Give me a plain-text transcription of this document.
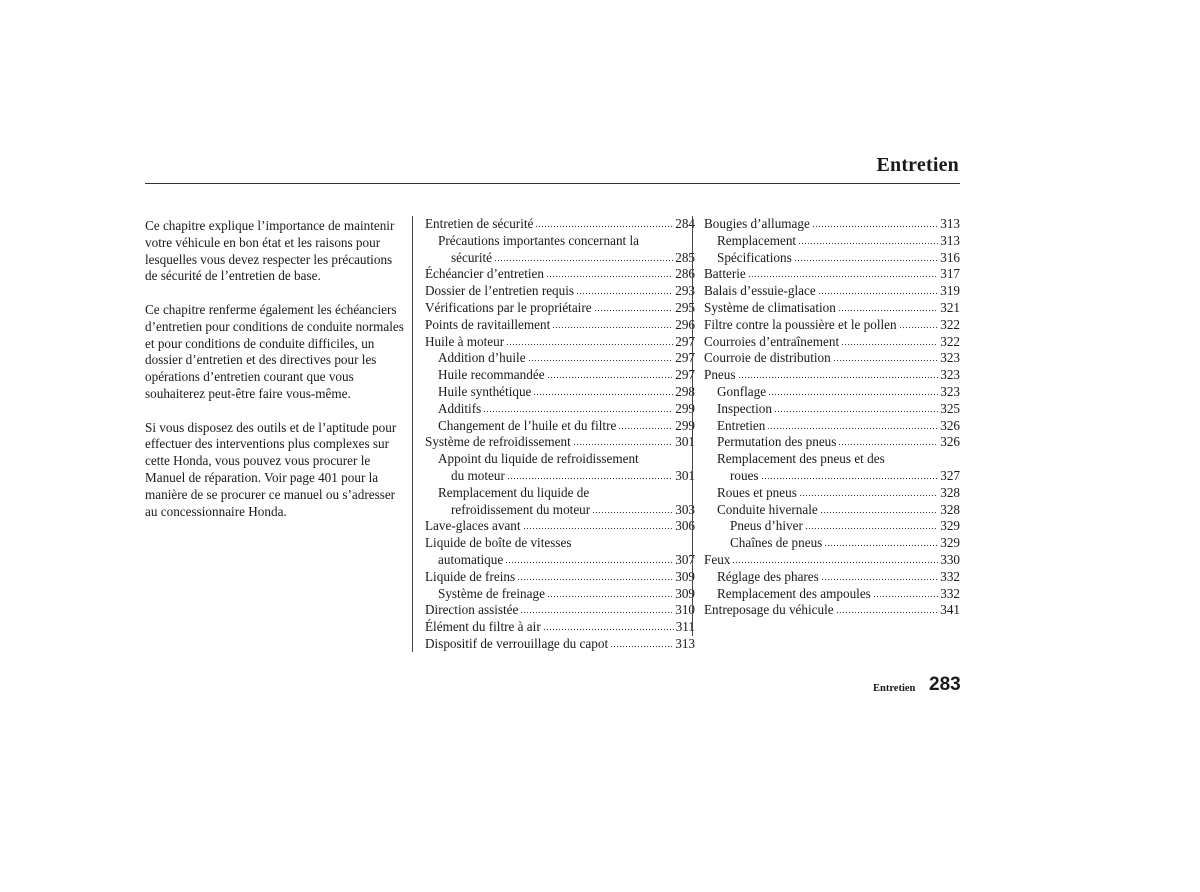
Entretien

Ce chapitre explique l’importance de maintenir votre véhicule en bon état et les raisons pour lesquelles vous devez respecter les précautions de sécurité de l’entretien de base.

Ce chapitre renferme également les échéanciers d’entretien pour conditions de conduite normales et pour conditions de conduite difficiles, un dossier d’entretien et des directives pour les opérations d’entretien courant que vous souhaiterez peut-être faire vous-même.

Si vous disposez des outils et de l’aptitude pour effectuer des interventions plus complexes sur cette Honda, vous pouvez vous procurer le Manuel de réparation. Voir page 401 pour la manière de se procurer ce manuel ou s’adresser au concessionnaire Honda.

Entretien de sécurité	284
Précautions importantes concernant la
sécurité	285
Échéancier d’entretien	286
Dossier de l’entretien requis	293
Vérifications par le propriétaire	295
Points de ravitaillement	296
Huile à moteur	297
Addition d’huile	297
Huile recommandée	297
Huile synthétique	298
Additifs	299
Changement de l’huile et du filtre	299
Système de refroidissement	301
Appoint du liquide de refroidissement
du moteur	301
Remplacement du liquide de
refroidissement du moteur	303
Lave-glaces avant	306
Liquide de boîte de vitesses
automatique	307
Liquide de freins	309
Système de freinage	309
Direction assistée	310
Élément du filtre à air	311
Dispositif de verrouillage du capot	313
Bougies d’allumage	313
Remplacement	313
Spécifications	316
Batterie	317
Balais d’essuie-glace	319
Système de climatisation	321
Filtre contre la poussière et le pollen	322
Courroies d’entraînement	322
Courroie de distribution	323
Pneus	323
Gonflage	323
Inspection	325
Entretien	326
Permutation des pneus	326
Remplacement des pneus et des
roues	327
Roues et pneus	328
Conduite hivernale	328
Pneus d’hiver	329
Chaînes de pneus	329
Feux	330
Réglage des phares	332
Remplacement des ampoules	332
Entreposage du véhicule	341
Entretien 283
